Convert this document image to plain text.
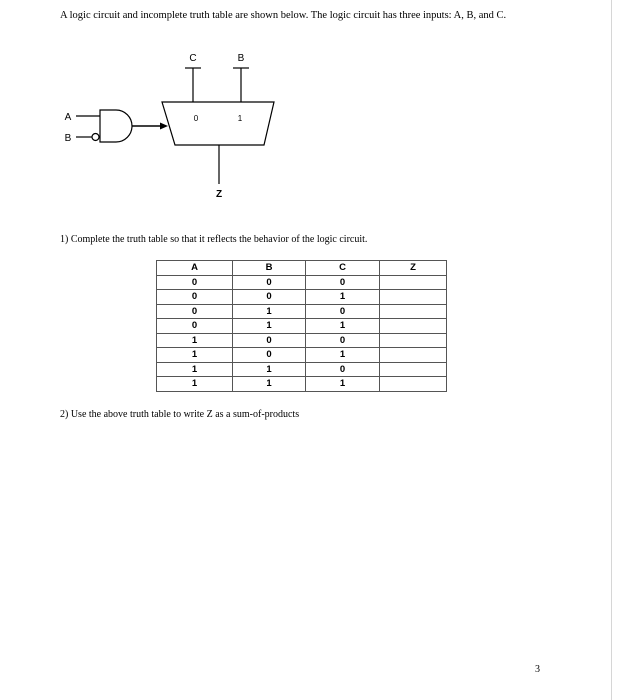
A logic circuit and incomplete truth table are shown below. The logic circuit has three inputs: A, B, and C.
C	B
A
B
0	1
Z
1) Complete the truth table so that it reflects the behavior of the logic circuit.
A	B	C	Z
0	0	0	
0	0	1	
0	1	0	
0	1	1	
1	0	0	
1	0	1	
1	1	0	
1	1	1	
2) Use the above truth table to write Z as a sum-of-products
3
